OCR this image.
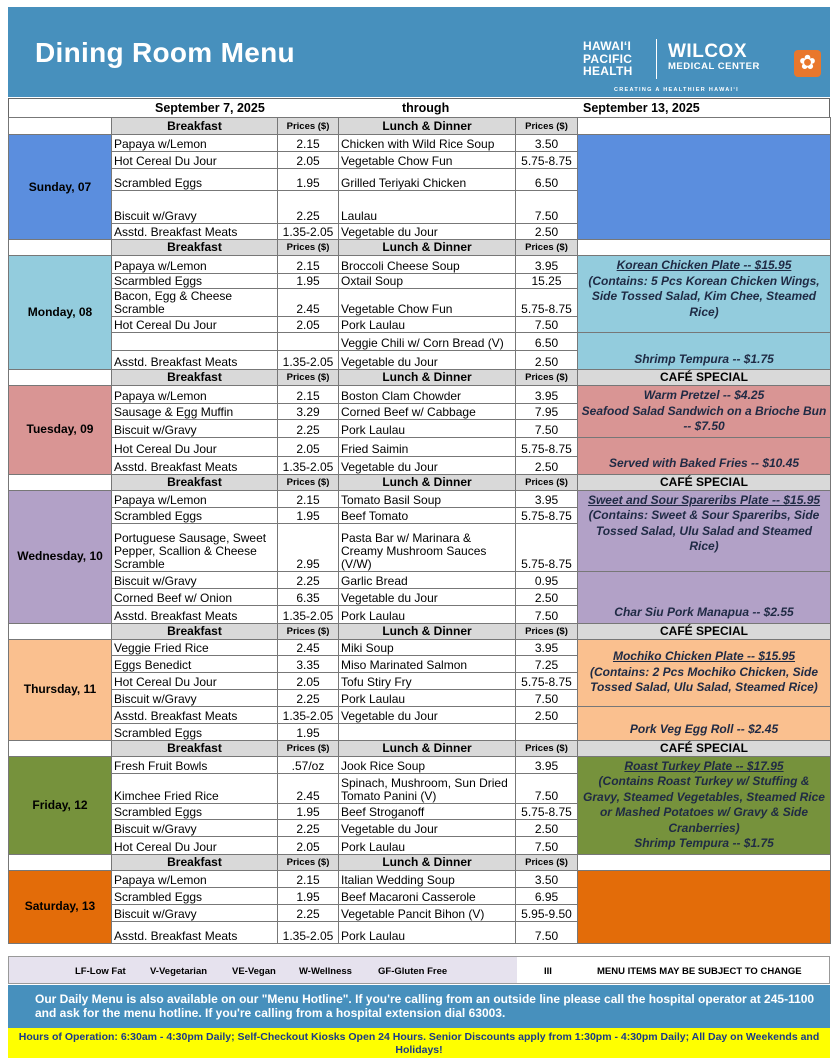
Dining Room Menu	HAWAI‘I
PACIFIC
HEALTH
WILCOX
MEDICAL CENTER
CREATING A HEALTHIER HAWAI‘I
✿
September 7, 2025	through	September 13, 2025
	Breakfast	Prices ($)	Lunch & Dinner	Prices ($)	
Sunday, 07	Papaya w/Lemon	2.15	Chicken with Wild Rice Soup	3.50	
	Hot Cereal Du Jour	2.05	Vegetable Chow Fun	5.75-8.75	
	Scrambled Eggs	1.95	Grilled Teriyaki Chicken	6.50	
	Biscuit w/Gravy	2.25	Laulau	7.50	
	Asstd. Breakfast Meats	1.35-2.05	Vegetable du Jour	2.50	
	Breakfast	Prices ($)	Lunch & Dinner	Prices ($)	
Monday, 08	Papaya w/Lemon	2.15	Broccoli Cheese Soup	3.95	Korean Chicken Plate -- $15.95
(Contains: 5 Pcs Korean Chicken Wings, Side Tossed Salad, Kim Chee, Steamed Rice)

	Scarmbled Eggs	1.95	Oxtail Soup	15.25	
	Bacon, Egg & Cheese Scramble	2.45	Vegetable Chow Fun	5.75-8.75	
	Hot Cereal Du Jour	2.05	Pork Laulau	7.50	
			Veggie Chili w/ Corn Bread (V)	6.50	Shrimp Tempura -- $1.75

	Asstd. Breakfast Meats	1.35-2.05	Vegetable du Jour	2.50	
	Breakfast	Prices ($)	Lunch & Dinner	Prices ($)	CAFÉ SPECIAL
Tuesday, 09	Papaya w/Lemon	2.15	Boston Clam Chowder	3.95	Warm Pretzel -- $4.25
Seafood Salad Sandwich on a Brioche Bun -- $7.50

	Sausage & Egg Muffin	3.29	Corned Beef w/ Cabbage	7.95	
	Biscuit w/Gravy	2.25	Pork Laulau	7.50	
	Hot Cereal Du Jour	2.05	Fried Saimin	5.75-8.75	Served with Baked Fries -- $10.45

	Asstd. Breakfast Meats	1.35-2.05	Vegetable du Jour	2.50	
	Breakfast	Prices ($)	Lunch & Dinner	Prices ($)	CAFÉ SPECIAL
Wednesday, 10	Papaya w/Lemon	2.15	Tomato Basil Soup	3.95	Sweet and Sour Spareribs Plate -- $15.95
(Contains: Sweet & Sour Spareribs, Side Tossed Salad, Ulu Salad and Steamed Rice)

	Scrambled Eggs	1.95	Beef Tomato	5.75-8.75	
	Portuguese Sausage, Sweet Pepper, Scallion & Cheese Scramble	2.95	Pasta Bar w/ Marinara & Creamy Mushroom Sauces (V/W)	5.75-8.75	
	Biscuit w/Gravy	2.25	Garlic Bread	0.95	Char Siu Pork Manapua -- $2.55

	Corned Beef w/ Onion	6.35	Vegetable du Jour	2.50	
	Asstd. Breakfast Meats	1.35-2.05	Pork Laulau	7.50	
	Breakfast	Prices ($)	Lunch & Dinner	Prices ($)	CAFÉ SPECIAL
Thursday, 11	Veggie Fried Rice	2.45	Miki Soup	3.95	Mochiko Chicken Plate -- $15.95
(Contains: 2 Pcs Mochiko Chicken, Side Tossed Salad, Ulu Salad, Steamed Rice)

	Eggs Benedict	3.35	Miso Marinated Salmon	7.25	
	Hot Cereal Du Jour	2.05	Tofu Stiry Fry	5.75-8.75	
	Biscuit w/Gravy	2.25	Pork Laulau	7.50	
	Asstd. Breakfast Meats	1.35-2.05	Vegetable du Jour	2.50	Pork Veg Egg Roll -- $2.45

	Scrambled Eggs	1.95			
	Breakfast	Prices ($)	Lunch & Dinner	Prices ($)	CAFÉ SPECIAL
Friday, 12	Fresh Fruit Bowls	.57/oz	Jook Rice Soup	3.95	Roast Turkey Plate -- $17.95
(Contains Roast Turkey w/ Stuffing & Gravy, Steamed Vegetables, Steamed Rice or Mashed Potatoes w/ Gravy & Side Cranberries)
Shrimp Tempura -- $1.75

	Kimchee Fried Rice	2.45	Spinach, Mushroom, Sun Dried Tomato Panini (V)	7.50	
	Scrambled Eggs	1.95	Beef Stroganoff	5.75-8.75	
	Biscuit w/Gravy	2.25	Vegetable du Jour	2.50	
	Hot Cereal Du Jour	2.05	Pork Laulau	7.50	
	Breakfast	Prices ($)	Lunch & Dinner	Prices ($)	
Saturday, 13	Papaya w/Lemon	2.15	Italian Wedding Soup	3.50	
	Scrambled Eggs	1.95	Beef Macaroni Casserole	6.95	
	Biscuit w/Gravy	2.25	Vegetable Pancit Bihon (V)	5.95-9.50	
	Asstd. Breakfast Meats	1.35-2.05	Pork Laulau	7.50	
LF-Low Fat	V-Vegetarian	VE-Vegan W-Wellness	GF-Gluten Free	III	MENU ITEMS MAY BE SUBJECT TO CHANGE
Our Daily Menu is also available on our "Menu Hotline". If you're calling from an outside line please call the hospital operator at 245-1100 and ask for the menu hotline. If you're calling from a hospital extension dial 63003.
Hours of Operation: 6:30am - 4:30pm Daily; Self-Checkout Kiosks Open 24 Hours. Senior Discounts apply from 1:30pm - 4:30pm Daily; All Day on Weekends and Holidays!
